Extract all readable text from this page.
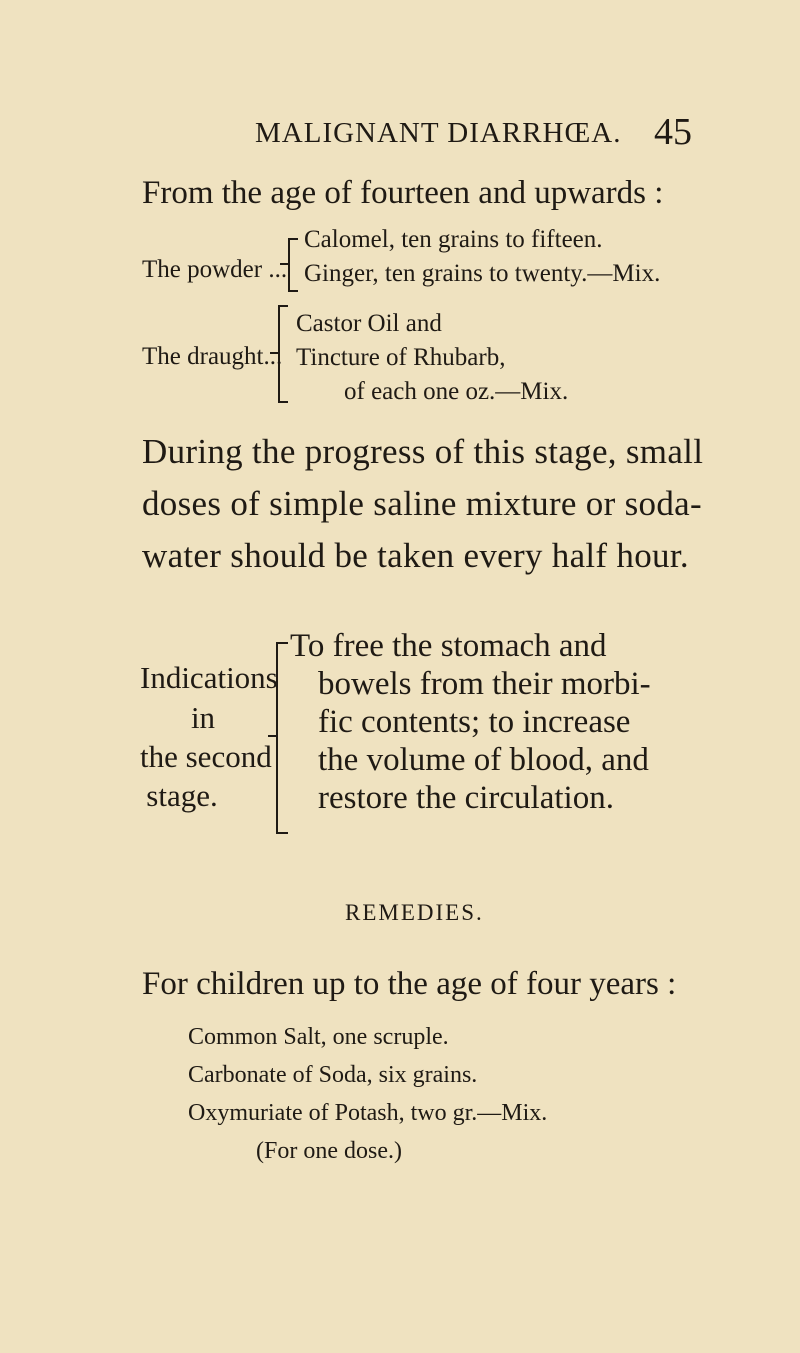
MALIGNANT DIARRHŒA. 45
From the age of fourteen and upwards :
The powder ...
Calomel, ten grains to fifteen.
Ginger, ten grains to twenty.—Mix.
The draught...
Castor Oil and
Tincture of Rhubarb,
of each one oz.—Mix.
During the progress of this stage, small
doses of simple saline mixture or soda-
water should be taken every half hour.
Indications
in
the second
stage.
To free the stomach and
bowels from their morbi-
fic contents; to increase
the volume of blood, and
restore the circulation.
REMEDIES.
For children up to the age of four years :
Common Salt, one scruple.
Carbonate of Soda, six grains.
Oxymuriate of Potash, two gr.—Mix.
(For one dose.)
